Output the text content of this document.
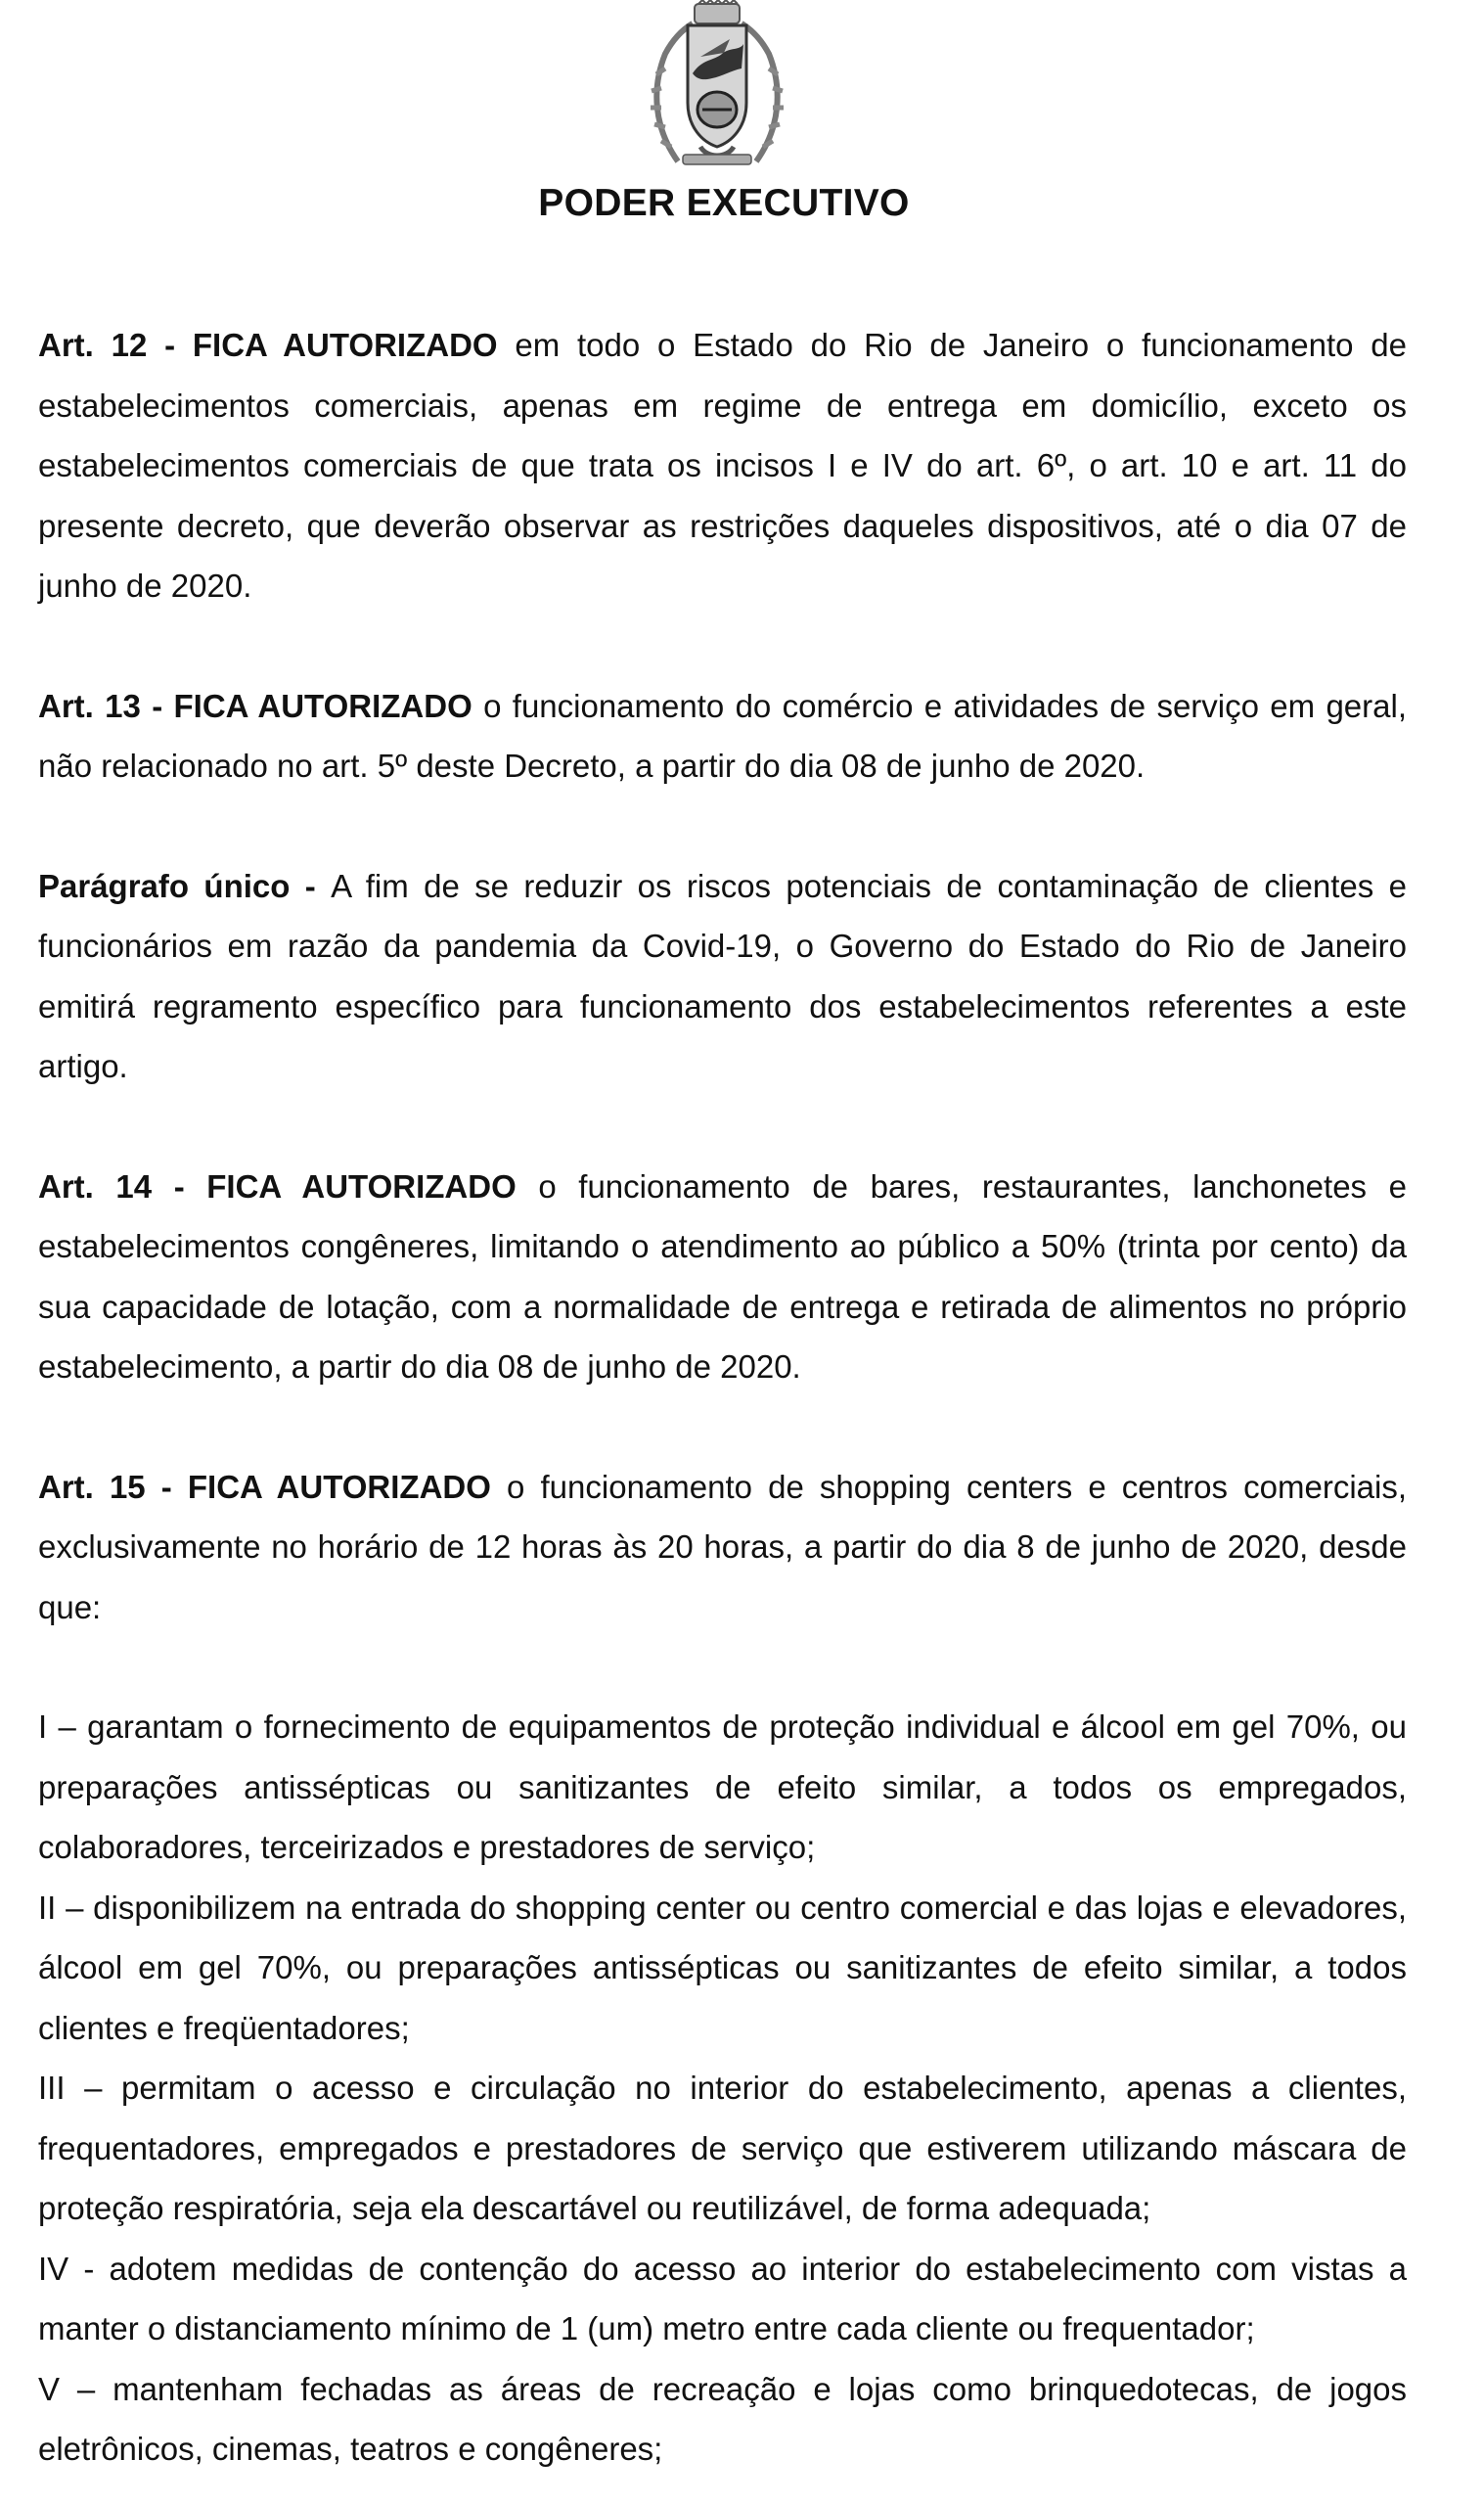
PODER EXECUTIVO

Art. 12 - FICA AUTORIZADO em todo o Estado do Rio de Janeiro o funcionamento de estabelecimentos comerciais, apenas em regime de entrega em domicílio, exceto os estabelecimentos comerciais de que trata os incisos I e IV do art. 6º, o art. 10 e art. 11 do presente decreto, que deverão observar as restrições daqueles dispositivos, até o dia 07 de junho de 2020.

Art. 13 - FICA AUTORIZADO o funcionamento do comércio e atividades de serviço em geral, não relacionado no art. 5º deste Decreto, a partir do dia 08 de junho de 2020.

Parágrafo único - A fim de se reduzir os riscos potenciais de contaminação de clientes e funcionários em razão da pandemia da Covid-19, o Governo do Estado do Rio de Janeiro emitirá regramento específico para funcionamento dos estabelecimentos referentes a este artigo.

Art. 14 - FICA AUTORIZADO o funcionamento de bares, restaurantes, lanchonetes e estabelecimentos congêneres, limitando o atendimento ao público a 50% (trinta por cento) da sua capacidade de lotação, com a normalidade de entrega e retirada de alimentos no próprio estabelecimento, a partir do dia 08 de junho de 2020.

Art. 15 - FICA AUTORIZADO o funcionamento de shopping centers e centros comerciais, exclusivamente no horário de 12 horas às 20 horas, a partir do dia 8 de junho de 2020, desde que:

I – garantam o fornecimento de equipamentos de proteção individual e álcool em gel 70%, ou preparações antissépticas ou sanitizantes de efeito similar, a todos os empregados, colaboradores, terceirizados e prestadores de serviço;

II – disponibilizem na entrada do shopping center ou centro comercial e das lojas e elevadores, álcool em gel 70%, ou preparações antissépticas ou sanitizantes de efeito similar, a todos clientes e freqüentadores;

III – permitam o acesso e circulação no interior do estabelecimento, apenas a clientes, frequentadores, empregados e prestadores de serviço que estiverem utilizando máscara de proteção respiratória, seja ela descartável ou reutilizável, de forma adequada;

IV - adotem medidas de contenção do acesso ao interior do estabelecimento com vistas a manter o distanciamento mínimo de 1 (um) metro entre cada cliente ou frequentador;

V – mantenham fechadas as áreas de recreação e lojas como brinquedotecas, de jogos eletrônicos, cinemas, teatros e congêneres;
